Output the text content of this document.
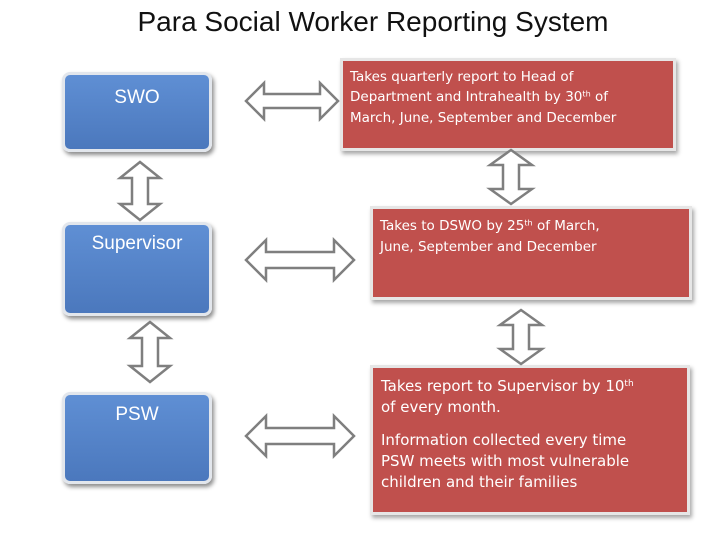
Para Social Worker Reporting System
SWO
Supervisor
PSW
Takes quarterly report to Head of
Department and Intrahealth by 30th of
March, June, September and December
Takes to DSWO by 25th of March,
June, September and December
Takes report to Supervisor by 10th
of every month.
Information collected every time
PSW meets with most vulnerable
children and their families
